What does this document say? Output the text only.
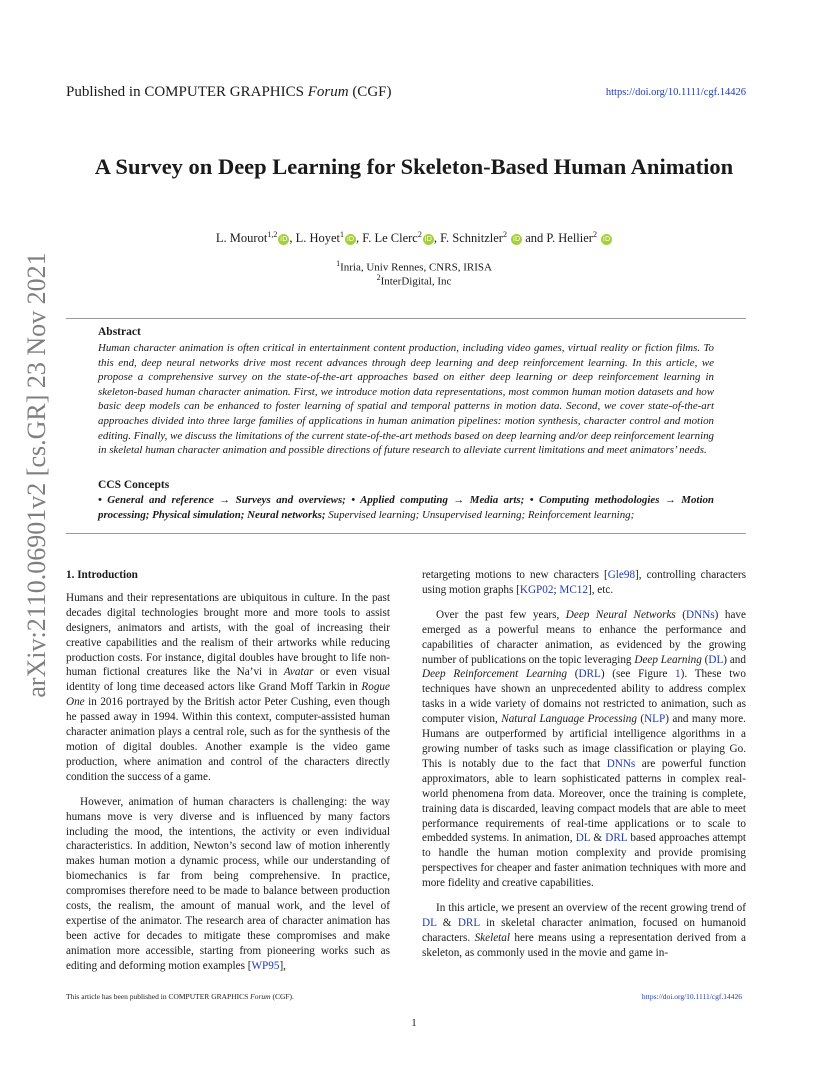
Published in COMPUTER GRAPHICS Forum (CGF)	https://doi.org/10.1111/cgf.14426
A Survey on Deep Learning for Skeleton-Based Human Animation
L. Mourot$^{1,2}$iD , L. Hoyet$^1$iD , F. Le Clerc$^2$iD , F. Schnitzler$^2$ iD and P. Hellier$^2$ iD
$^1$Inria, Univ Rennes, CNRS, IRISA
$^2$InterDigital, Inc
arXiv:2110.06901v2 [cs.GR] 23 Nov 2021	Abstract
Human character animation is often critical in entertainment content production, including video games, virtual reality or fiction films. To this end, deep neural networks drive most recent advances through deep learning and deep reinforcement learning. In this article, we propose a comprehensive survey on the state-of-the-art approaches based on either deep learning or deep reinforcement learning in skeleton-based human character animation. First, we introduce motion data representations, most common human motion datasets and how basic deep models can be enhanced to foster learning of spatial and temporal patterns in motion data. Second, we cover state-of-the-art approaches divided into three large families of applications in human animation pipelines: motion synthesis, character control and motion editing. Finally, we discuss the limitations of the current state-of-the-art methods based on deep learning and/or deep reinforcement learning in skeletal human character animation and possible directions of future research to alleviate current limitations and meet animators’ needs.
CCS Concepts
• General and reference → Surveys and overviews; • Applied computing → Media arts; • Computing methodologies → Motion processing; Physical simulation; Neural networks; Supervised learning; Unsupervised learning; Reinforcement learning;
1. Introduction

Humans and their representations are ubiquitous in culture. In the past decades digital technologies brought more and more tools to assist designers, animators and artists, with the goal of increasing their creative capabilities and the realism of their artworks while reducing production costs. For instance, digital doubles have brought to life non-human fictional creatures like the Na’vi in Avatar or even visual identity of long time deceased actors like Grand Moff Tarkin in Rogue One in 2016 portrayed by the British actor Peter Cushing, even though he passed away in 1994. Within this context, computer-assisted human character animation plays a central role, such as for the synthesis of the motion of digital doubles. Another example is the video game production, where animation and control of the characters directly condition the success of a game.

However, animation of human characters is challenging: the way humans move is very diverse and is influenced by many factors including the mood, the intentions, the activity or even individual characteristics. In addition, Newton’s second law of motion inherently makes human motion a dynamic process, while our understanding of biomechanics is far from being comprehensive. In practice, compromises therefore need to be made to balance between production costs, the realism, the amount of manual work, and the level of expertise of the animator. The research area of character animation has been active for decades to mitigate these compromises and make animation more accessible, starting from pioneering works such as editing and deforming motion examples [WP95],

retargeting motions to new characters [Gle98], controlling characters using motion graphs [KGP02; MC12], etc.

Over the past few years, Deep Neural Networks (DNNs) have emerged as a powerful means to enhance the performance and capabilities of character animation, as evidenced by the growing number of publications on the topic leveraging Deep Learning (DL) and Deep Reinforcement Learning (DRL) (see Figure 1). These two techniques have shown an unprecedented ability to address complex tasks in a wide variety of domains not restricted to animation, such as computer vision, Natural Language Processing (NLP) and many more. Humans are outperformed by artificial intelligence algorithms in a growing number of tasks such as image classification or playing Go. This is notably due to the fact that DNNs are powerful function approximators, able to learn sophisticated patterns in complex real-world phenomena from data. Moreover, once the training is complete, training data is discarded, leaving compact models that are able to meet performance requirements of real-time applications or to scale to embedded systems. In animation, DL & DRL based approaches attempt to handle the human motion complexity and provide promising perspectives for cheaper and faster animation techniques with more and more fidelity and creative capabilities.

In this article, we present an overview of the recent growing trend of DL & DRL in skeletal character animation, focused on humanoid characters. Skeletal here means using a representation derived from a skeleton, as commonly used in the movie and game in-

This article has been published in COMPUTER GRAPHICS Forum (CGF).	https://doi.org/10.1111/cgf.14426
1
